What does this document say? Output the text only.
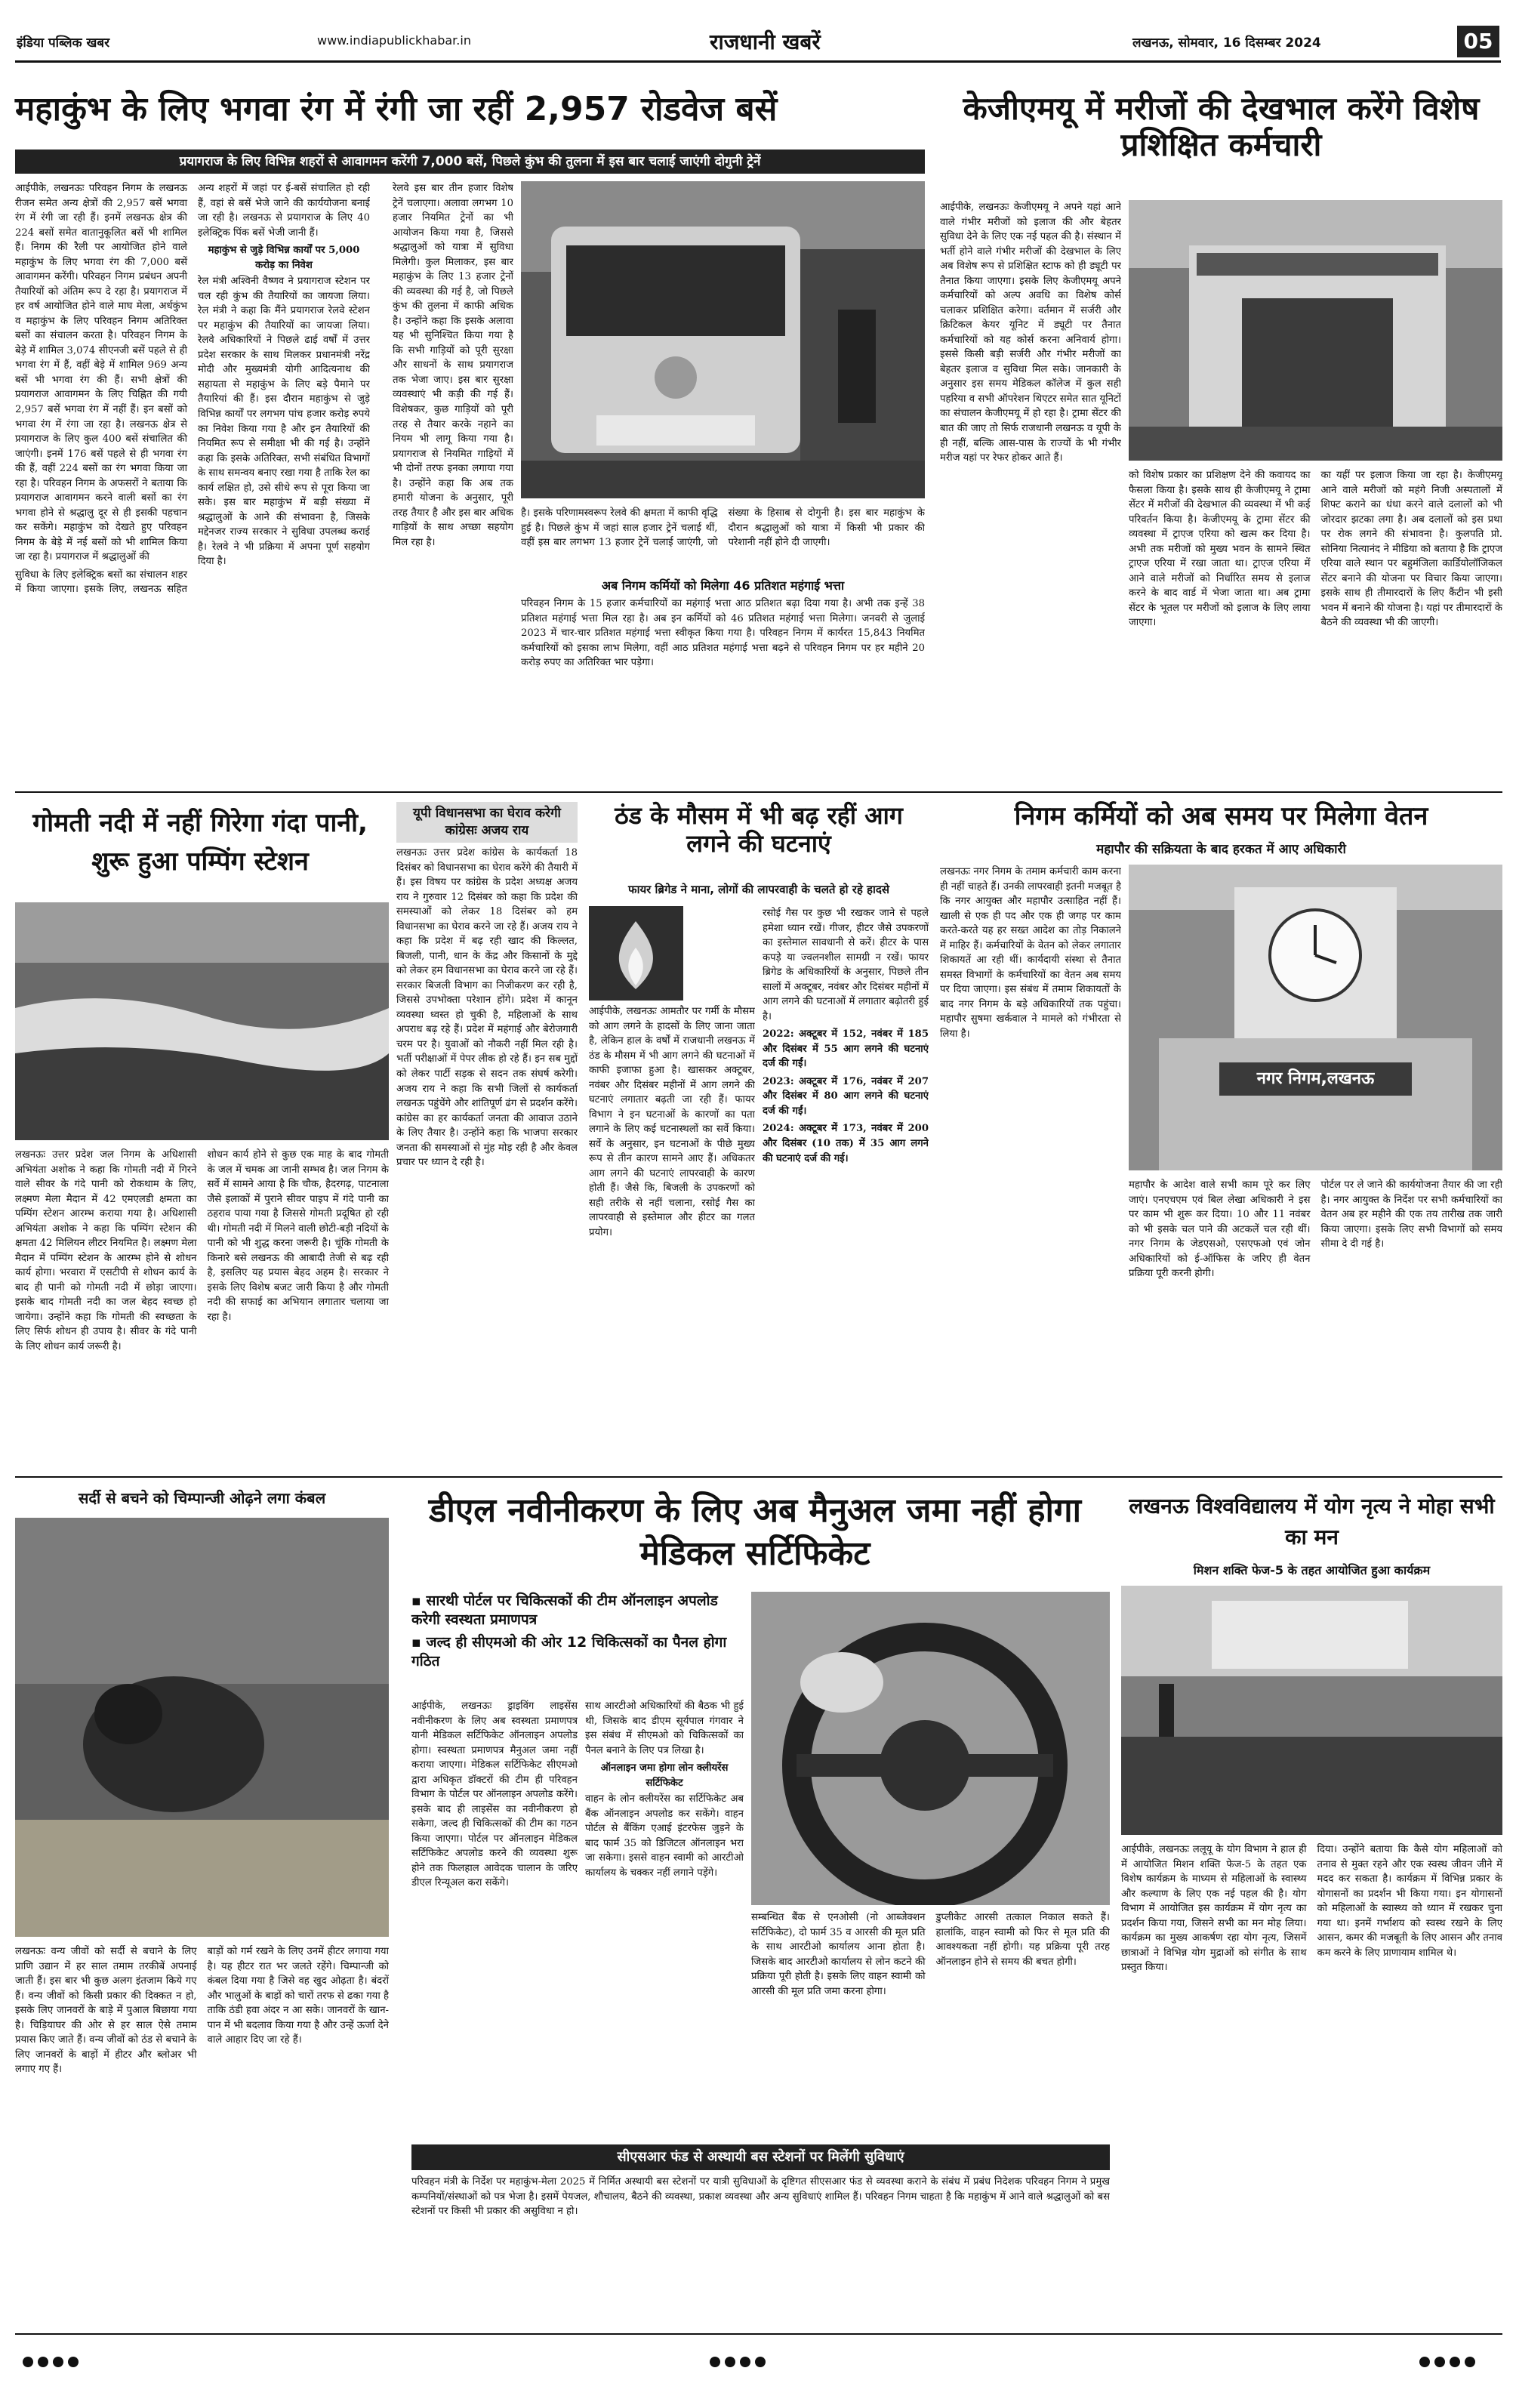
इंडिया पब्लिक खबर	www.indiapublickhabar.in	राजधानी खबरें	लखनऊ, सोमवार, 16 दिसम्बर 2024	05
महाकुंभ के लिए भगवा रंग में रंगी जा रहीं 2,957 रोडवेज बसें
प्रयागराज के लिए विभिन्न शहरों से आवागमन करेंगी 7,000 बसें, पिछले कुंभ की तुलना में इस बार चलाई जाएंगी दोगुनी ट्रेनें

आईपीके, लखनऊः परिवहन निगम के लखनऊ रीजन समेत अन्य क्षेत्रों की 2,957 बसें भगवा रंग में रंगी जा रही हैं। इनमें लखनऊ क्षेत्र की 224 बसों समेत वातानुकूलित बसें भी शामिल हैं। निगम की रैली पर आयोजित होने वाले महाकुंभ के लिए भगवा रंग की 7,000 बसें आवागमन करेंगी। परिवहन निगम प्रबंधन अपनी तैयारियों को अंतिम रूप दे रहा है। प्रयागराज में हर वर्ष आयोजित होने वाले माघ मेला, अर्धकुंभ व महाकुंभ के लिए परिवहन निगम अतिरिक्त बसों का संचालन करता है। परिवहन निगम के बेड़े में शामिल 3,074 सीएनजी बसें पहले से ही भगवा रंग में हैं, वहीं बेड़े में शामिल 969 अन्य बसें भी भगवा रंग की हैं। सभी क्षेत्रों की प्रयागराज आवागमन के लिए चिह्नित की गयी 2,957 बसें भगवा रंग में नहीं हैं। इन बसों को भगवा रंग में रंगा जा रहा है। लखनऊ क्षेत्र से प्रयागराज के लिए कुल 400 बसें संचालित की जाएंगी। इनमें 176 बसें पहले से ही भगवा रंग की हैं, वहीं 224 बसों का रंग भगवा किया जा रहा है। परिवहन निगम के अफसरों ने बताया कि प्रयागराज आवागमन करने वाली बसों का रंग भगवा होने से श्रद्धालु दूर से ही इसकी पहचान कर सकेंगे। महाकुंभ को देखते हुए परिवहन निगम के बेड़े में नई बसों को भी शामिल किया जा रहा है। प्रयागराज में श्रद्धालुओं की

सुविधा के लिए इलेक्ट्रिक बसों का संचालन शहर में किया जाएगा। इसके लिए, लखनऊ सहित अन्य शहरों में जहां पर ई-बसें संचालित हो रही हैं, वहां से बसें भेजे जाने की कार्ययोजना बनाई जा रही है। लखनऊ से प्रयागराज के लिए 40 इलेक्ट्रिक पिंक बसें भेजी जानी हैं।

महाकुंभ से जुड़े विभिन्न कार्यों पर 5,000 करोड़ का निवेश

रेल मंत्री अश्विनी वैष्णव ने प्रयागराज स्टेशन पर चल रही कुंभ की तैयारियों का जायजा लिया। रेल मंत्री ने कहा कि मैंने प्रयागराज रेलवे स्टेशन पर महाकुंभ की तैयारियों का जायजा लिया। रेलवे अधिकारियों ने पिछले ढाई वर्षों में उत्तर प्रदेश सरकार के साथ मिलकर प्रधानमंत्री नरेंद्र मोदी और मुख्यमंत्री योगी आदित्यनाथ की सहायता से महाकुंभ के लिए बड़े पैमाने पर तैयारियां की हैं। इस दौरान महाकुंभ से जुड़े विभिन्न कार्यों पर लगभग पांच हजार करोड़ रुपये का निवेश किया गया है और इन तैयारियों की नियमित रूप से समीक्षा भी की गई है। उन्होंने कहा कि इसके अतिरिक्त, सभी संबंधित विभागों के साथ समन्वय बनाए रखा गया है ताकि रेल का कार्य लक्षित हो, उसे सीधे रूप से पूरा किया जा सके। इस बार महाकुंभ में बड़ी संख्या में श्रद्धालुओं के आने की संभावना है, जिसके मद्देनजर राज्य सरकार ने सुविधा उपलब्ध कराई है। रेलवे ने भी प्रक्रिया में अपना पूर्ण सहयोग दिया है।

रेलवे इस बार तीन हजार विशेष ट्रेनें चलाएगा। अलावा लगभग 10 हजार नियमित ट्रेनों का भी आयोजन किया गया है, जिससे श्रद्धालुओं को यात्रा में सुविधा मिलेगी। कुल मिलाकर, इस बार महाकुंभ के लिए 13 हजार ट्रेनों की व्यवस्था की गई है, जो पिछले कुंभ की तुलना में काफी अधिक है। उन्होंने कहा कि इसके अलावा यह भी सुनिश्चित किया गया है कि सभी गाड़ियों को पूरी सुरक्षा और साधनों के साथ प्रयागराज तक भेजा जाए। इस बार सुरक्षा व्यवस्थाएं भी कड़ी की गई हैं। विशेषकर, कुछ गाड़ियों को पूरी तरह से तैयार करके नहाने का नियम भी लागू किया गया है। प्रयागराज से नियमित गाड़ियों में भी दोनों तरफ इनका लगाया गया है। उन्होंने कहा कि अब तक हमारी योजना के अनुसार, पूरी तरह तैयार है और इस बार अधिक गाड़ियों के साथ अच्छा सहयोग मिल रहा है।

है। इसके परिणामस्वरूप रेलवे की क्षमता में काफी वृद्धि हुई है। पिछले कुंभ में जहां साल हजार ट्रेनें चलाई थीं, वहीं इस बार लगभग 13 हजार ट्रेनें चलाई जाएंगी, जो संख्या के हिसाब से दोगुनी है। इस बार महाकुंभ के दौरान श्रद्धालुओं को यात्रा में किसी भी प्रकार की परेशानी नहीं होने दी जाएगी।

अब निगम कर्मियों को मिलेगा 46 प्रतिशत महंगाई भत्ता

परिवहन निगम के 15 हजार कर्मचारियों का महंगाई भत्ता आठ प्रतिशत बढ़ा दिया गया है। अभी तक इन्हें 38 प्रतिशत महंगाई भत्ता मिल रहा है। अब इन कर्मियों को 46 प्रतिशत महंगाई भत्ता मिलेगा। जनवरी से जुलाई 2023 में चार-चार प्रतिशत महंगाई भत्ता स्वीकृत किया गया है। परिवहन निगम में कार्यरत 15,843 नियमित कर्मचारियों को इसका लाभ मिलेगा, वहीं आठ प्रतिशत महंगाई भत्ता बढ़ने से परिवहन निगम पर हर महीने 20 करोड़ रुपए का अतिरिक्त भार पड़ेगा।

केजीएमयू में मरीजों की देखभाल करेंगे विशेष प्रशिक्षित कर्मचारी

आईपीके, लखनऊः केजीएमयू ने अपने यहां आने वाले गंभीर मरीजों को इलाज की और बेहतर सुविधा देने के लिए एक नई पहल की है। संस्थान में भर्ती होने वाले गंभीर मरीजों की देखभाल के लिए अब विशेष रूप से प्रशिक्षित स्टाफ को ही ड्यूटी पर तैनात किया जाएगा। इसके लिए केजीएमयू अपने कर्मचारियों को अल्प अवधि का विशेष कोर्स चलाकर प्रशिक्षित करेगा। वर्तमान में सर्जरी और क्रिटिकल केयर यूनिट में ड्यूटी पर तैनात कर्मचारियों को यह कोर्स करना अनिवार्य होगा। इससे किसी बड़ी सर्जरी और गंभीर मरीजों का बेहतर इलाज व सुविधा मिल सके। जानकारी के अनुसार इस समय मेडिकल कॉलेज में कुल सही पहरिया व सभी ऑपरेशन थिएटर समेत सात यूनिटों का संचालन केजीएमयू में हो रहा है। ट्रामा सेंटर की बात की जाए तो सिर्फ राजधानी लखनऊ व यूपी के ही नहीं, बल्कि आस-पास के राज्यों के भी गंभीर मरीज यहां पर रेफर होकर आते हैं।

को विशेष प्रकार का प्रशिक्षण देने की कवायद का फैसला किया है। इसके साथ ही केजीएमयू ने ट्रामा सेंटर में मरीजों की देखभाल की व्यवस्था में भी कई परिवर्तन किया है। केजीएमयू के ट्रामा सेंटर की व्यवस्था में ट्राएज एरिया को खत्म कर दिया है। अभी तक मरीजों को मुख्य भवन के सामने स्थित ट्राएज एरिया में रखा जाता था। ट्राएज एरिया में आने वाले मरीजों को निर्धारित समय से इलाज करने के बाद वार्ड में भेजा जाता था। अब ट्रामा सेंटर के भूतल पर मरीजों को इलाज के लिए लाया जाएगा।

का यहीं पर इलाज किया जा रहा है। केजीएमयू आने वाले मरीजों को महंगे निजी अस्पतालों में शिफ्ट कराने का धंधा करने वाले दलालों को भी जोरदार झटका लगा है। अब दलालों को इस प्रथा पर रोक लगने की संभावना है। कुलपति प्रो. सोनिया नित्यानंद ने मीडिया को बताया है कि ट्राएज एरिया वाले स्थान पर बहुमंजिला कार्डियोलॉजिकल सेंटर बनाने की योजना पर विचार किया जाएगा। इसके साथ ही तीमारदारों के लिए कैंटीन भी इसी भवन में बनाने की योजना है। यहां पर तीमारदारों के बैठने की व्यवस्था भी की जाएगी।

गोमती नदी में नहीं गिरेगा गंदा पानी, शुरू हुआ पम्पिंग स्टेशन

लखनऊः उत्तर प्रदेश जल निगम के अधिशासी अभियंता अशोक ने कहा कि गोमती नदी में गिरने वाले सीवर के गंदे पानी को रोकथाम के लिए, लक्ष्मण मेला मैदान में 42 एमएलडी क्षमता का पम्पिंग स्टेशन आरम्भ कराया गया है। अधिशासी अभियंता अशोक ने कहा कि पम्पिंग स्टेशन की क्षमता 42 मिलियन लीटर नियमित है। लक्ष्मण मेला मैदान में पम्पिंग स्टेशन के आरम्भ होने से शोधन कार्य होगा। भरवारा में एसटीपी से शोधन कार्य के बाद ही पानी को गोमती नदी में छोड़ा जाएगा। इसके बाद गोमती नदी का जल बेहद स्वच्छ हो जायेगा। उन्होंने कहा कि गोमती की स्वच्छता के लिए सिर्फ शोधन ही उपाय है। सीवर के गंदे पानी के लिए शोधन कार्य जरूरी है।

शोधन कार्य होने से कुछ एक माह के बाद गोमती के जल में चमक आ जानी सम्भव है। जल निगम के सर्वे में सामने आया है कि चौक, हैदरगढ़, पाटनाला जैसे इलाकों में पुराने सीवर पाइप में गंदे पानी का ठहराव पाया गया है जिससे गोमती प्रदूषित हो रही थी। गोमती नदी में मिलने वाली छोटी-बड़ी नदियों के पानी को भी शुद्ध करना जरूरी है। चूंकि गोमती के किनारे बसे लखनऊ की आबादी तेजी से बढ़ रही है, इसलिए यह प्रयास बेहद अहम है। सरकार ने इसके लिए विशेष बजट जारी किया है और गोमती नदी की सफाई का अभियान लगातार चलाया जा रहा है।

यूपी विधानसभा का घेराव करेगी कांग्रेसः अजय राय

लखनऊः उत्तर प्रदेश कांग्रेस के कार्यकर्ता 18 दिसंबर को विधानसभा का घेराव करेंगे की तैयारी में हैं। इस विषय पर कांग्रेस के प्रदेश अध्यक्ष अजय राय ने गुरुवार 12 दिसंबर को कहा कि प्रदेश की समस्याओं को लेकर 18 दिसंबर को हम विधानसभा का घेराव करने जा रहे हैं। अजय राय ने कहा कि प्रदेश में बढ़ रही खाद की किल्लत, बिजली, पानी, धान के केंद्र और किसानों के मुद्दे को लेकर हम विधानसभा का घेराव करने जा रहे हैं। सरकार बिजली विभाग का निजीकरण कर रही है, जिससे उपभोक्ता परेशान होंगे। प्रदेश में कानून व्यवस्था ध्वस्त हो चुकी है, महिलाओं के साथ अपराध बढ़ रहे हैं। प्रदेश में महंगाई और बेरोजगारी चरम पर है। युवाओं को नौकरी नहीं मिल रही है। भर्ती परीक्षाओं में पेपर लीक हो रहे हैं। इन सब मुद्दों को लेकर पार्टी सड़क से सदन तक संघर्ष करेगी। अजय राय ने कहा कि सभी जिलों से कार्यकर्ता लखनऊ पहुंचेंगे और शांतिपूर्ण ढंग से प्रदर्शन करेंगे। कांग्रेस का हर कार्यकर्ता जनता की आवाज उठाने के लिए तैयार है। उन्होंने कहा कि भाजपा सरकार जनता की समस्याओं से मुंह मोड़ रही है और केवल प्रचार पर ध्यान दे रही है।

ठंड के मौसम में भी बढ़ रहीं आग लगने की घटनाएं
फायर ब्रिगेड ने माना, लोगों की लापरवाही के चलते हो रहे हादसे

आईपीके, लखनऊः आमतौर पर गर्मी के मौसम को आग लगने के हादसों के लिए जाना जाता है, लेकिन हाल के वर्षों में राजधानी लखनऊ में ठंड के मौसम में भी आग लगने की घटनाओं में काफी इजाफा हुआ है। खासकर अक्टूबर, नवंबर और दिसंबर महीनों में आग लगने की घटनाएं लगातार बढ़ती जा रही हैं। फायर विभाग ने इन घटनाओं के कारणों का पता लगाने के लिए कई घटनास्थलों का सर्वे किया। सर्वे के अनुसार, इन घटनाओं के पीछे मुख्य रूप से तीन कारण सामने आए हैं। अधिकतर आग लगने की घटनाएं लापरवाही के कारण होती हैं। जैसे कि, बिजली के उपकरणों को सही तरीके से नहीं चलाना, रसोई गैस का लापरवाही से इस्तेमाल और हीटर का गलत प्रयोग।

रसोई गैस पर कुछ भी रखकर जाने से पहले हमेशा ध्यान रखें। गीजर, हीटर जैसे उपकरणों का इस्तेमाल सावधानी से करें। हीटर के पास कपड़े या ज्वलनशील सामग्री न रखें। फायर ब्रिगेड के अधिकारियों के अनुसार, पिछले तीन सालों में अक्टूबर, नवंबर और दिसंबर महीनों में आग लगने की घटनाओं में लगातार बढ़ोतरी हुई है।

2022: अक्टूबर में 152, नवंबर में 185 और दिसंबर में 55 आग लगने की घटनाएं दर्ज की गईं।

2023: अक्टूबर में 176, नवंबर में 207 और दिसंबर में 80 आग लगने की घटनाएं दर्ज की गईं।

2024: अक्टूबर में 173, नवंबर में 200 और दिसंबर (10 तक) में 35 आग लगने की घटनाएं दर्ज की गई।

निगम कर्मियों को अब समय पर मिलेगा वेतन
महापौर की सक्रियता के बाद हरकत में आए अधिकारी

लखनऊः नगर निगम के तमाम कर्मचारी काम करना ही नहीं चाहते हैं। उनकी लापरवाही इतनी मजबूत है कि नगर आयुक्त और महापौर उत्साहित नहीं हैं। खाली से एक ही पद और एक ही जगह पर काम करते-करते यह हर सख्त आदेश का तोड़ निकालने में माहिर हैं। कर्मचारियों के वेतन को लेकर लगातार शिकायतें आ रही थीं। कार्यदायी संस्था से तैनात समस्त विभागों के कर्मचारियों का वेतन अब समय पर दिया जाएगा। इस संबंध में तमाम शिकायतों के बाद नगर निगम के बड़े अधिकारियों तक पहुंचा। महापौर सुषमा खर्कवाल ने मामले को गंभीरता से लिया है।

नगर निगम,लखनऊ

महापौर के आदेश वाले सभी काम पूरे कर लिए जाएं। एनएचएम एवं बिल लेखा अधिकारी ने इस पर काम भी शुरू कर दिया। 10 और 11 नवंबर को भी इसके चल पाने की अटकलें चल रही थीं। नगर निगम के जेडएसओ, एसएफओ एवं जोन अधिकारियों को ई-ऑफिस के जरिए ही वेतन प्रक्रिया पूरी करनी होगी।

पोर्टल पर ले जाने की कार्ययोजना तैयार की जा रही है। नगर आयुक्त के निर्देश पर सभी कर्मचारियों का वेतन अब हर महीने की एक तय तारीख तक जारी किया जाएगा। इसके लिए सभी विभागों को समय सीमा दे दी गई है।

सर्दी से बचने को चिम्पान्जी ओढ़ने लगा कंबल

लखनऊः वन्य जीवों को सर्दी से बचाने के लिए प्राणि उद्यान में हर साल तमाम तरकीबें अपनाई जाती हैं। इस बार भी कुछ अलग इंतजाम किये गए हैं। वन्य जीवों को किसी प्रकार की दिक्कत न हो, इसके लिए जानवरों के बाड़े में पुआल बिछाया गया है। चिड़ियाघर की ओर से हर साल ऐसे तमाम प्रयास किए जाते हैं। वन्य जीवों को ठंड से बचाने के लिए जानवरों के बाड़ों में हीटर और ब्लोअर भी लगाए गए हैं।

बाड़ों को गर्म रखने के लिए उनमें हीटर लगाया गया है। यह हीटर रात भर जलते रहेंगे। चिम्पान्जी को कंबल दिया गया है जिसे वह खुद ओढ़ता है। बंदरों और भालुओं के बाड़ों को चारों तरफ से ढका गया है ताकि ठंडी हवा अंदर न आ सके। जानवरों के खान-पान में भी बदलाव किया गया है और उन्हें ऊर्जा देने वाले आहार दिए जा रहे हैं।

डीएल नवीनीकरण के लिए अब मैनुअल जमा नहीं होगा मेडिकल सर्टिफिकेट

▪ सारथी पोर्टल पर चिकित्सकों की टीम ऑनलाइन अपलोड करेगी स्वस्थता प्रमाणपत्र

▪ जल्द ही सीएमओ की ओर 12 चिकित्सकों का पैनल होगा गठित

आईपीके, लखनऊः ड्राइविंग लाइसेंस नवीनीकरण के लिए अब स्वस्थता प्रमाणपत्र यानी मेडिकल सर्टिफिकेट ऑनलाइन अपलोड होगा। स्वस्थता प्रमाणपत्र मैनुअल जमा नहीं कराया जाएगा। मेडिकल सर्टिफिकेट सीएमओ द्वारा अधिकृत डॉक्टरों की टीम ही परिवहन विभाग के पोर्टल पर ऑनलाइन अपलोड करेंगे। इसके बाद ही लाइसेंस का नवीनीकरण हो सकेगा, जल्द ही चिकित्सकों की टीम का गठन किया जाएगा। पोर्टल पर ऑनलाइन मेडिकल सर्टिफिकेट अपलोड करने की व्यवस्था शुरू होने तक फिलहाल आवेदक चालान के जरिए डीएल रिन्यूअल करा सकेंगे।

साथ आरटीओ अधिकारियों की बैठक भी हुई थी, जिसके बाद डीएम सूर्यपाल गंगवार ने इस संबंध में सीएमओ को चिकित्सकों का पैनल बनाने के लिए पत्र लिखा है।

ऑनलाइन जमा होगा लोन क्लीयरेंस सर्टिफिकेट

वाहन के लोन क्लीयरेंस का सर्टिफिकेट अब बैंक ऑनलाइन अपलोड कर सकेंगे। वाहन पोर्टल से बैंकिंग एआई इंटरफेस जुड़ने के बाद फार्म 35 को डिजिटल ऑनलाइन भरा जा सकेगा। इससे वाहन स्वामी को आरटीओ कार्यालय के चक्कर नहीं लगाने पड़ेंगे।

सम्बन्धित बैंक से एनओसी (नो आब्जेक्शन सर्टिफिकेट), दो फार्म 35 व आरसी की मूल प्रति के साथ आरटीओ कार्यालय आना होता है। जिसके बाद आरटीओ कार्यालय से लोन कटने की प्रक्रिया पूरी होती है। इसके लिए वाहन स्वामी को आरसी की मूल प्रति जमा करना होगा।

डुप्लीकेट आरसी तत्काल निकाल सकते हैं। हालांकि, वाहन स्वामी को फिर से मूल प्रति की आवश्यकता नहीं होगी। यह प्रक्रिया पूरी तरह ऑनलाइन होने से समय की बचत होगी।

सीएसआर फंड से अस्थायी बस स्टेशनों पर मिलेंगी सुविधाएं

परिवहन मंत्री के निर्देश पर महाकुंभ-मेला 2025 में निर्मित अस्थायी बस स्टेशनों पर यात्री सुविधाओं के दृष्टिगत सीएसआर फंड से व्यवस्था कराने के संबंध में प्रबंध निदेशक परिवहन निगम ने प्रमुख कम्पनियों/संस्थाओं को पत्र भेजा है। इसमें पेयजल, शौचालय, बैठने की व्यवस्था, प्रकाश व्यवस्था और अन्य सुविधाएं शामिल हैं। परिवहन निगम चाहता है कि महाकुंभ में आने वाले श्रद्धालुओं को बस स्टेशनों पर किसी भी प्रकार की असुविधा न हो।

लखनऊ विश्वविद्यालय में योग नृत्य ने मोहा सभी का मन
मिशन शक्ति फेज-5 के तहत आयोजित हुआ कार्यक्रम

आईपीके, लखनऊः ललूयू के योग विभाग ने हाल ही में आयोजित मिशन शक्ति फेज-5 के तहत एक विशेष कार्यक्रम के माध्यम से महिलाओं के स्वास्थ्य और कल्याण के लिए एक नई पहल की है। योग विभाग में आयोजित इस कार्यक्रम में योग नृत्य का प्रदर्शन किया गया, जिसने सभी का मन मोह लिया। कार्यक्रम का मुख्य आकर्षण रहा योग नृत्य, जिसमें छात्राओं ने विभिन्न योग मुद्राओं को संगीत के साथ प्रस्तुत किया।

दिया। उन्होंने बताया कि कैसे योग महिलाओं को तनाव से मुक्त रहने और एक स्वस्थ जीवन जीने में मदद कर सकता है। कार्यक्रम में विभिन्न प्रकार के योगासनों का प्रदर्शन भी किया गया। इन योगासनों को महिलाओं के स्वास्थ्य को ध्यान में रखकर चुना गया था। इनमें गर्भाशय को स्वस्थ रखने के लिए आसन, कमर की मजबूती के लिए आसन और तनाव कम करने के लिए प्राणायाम शामिल थे।
